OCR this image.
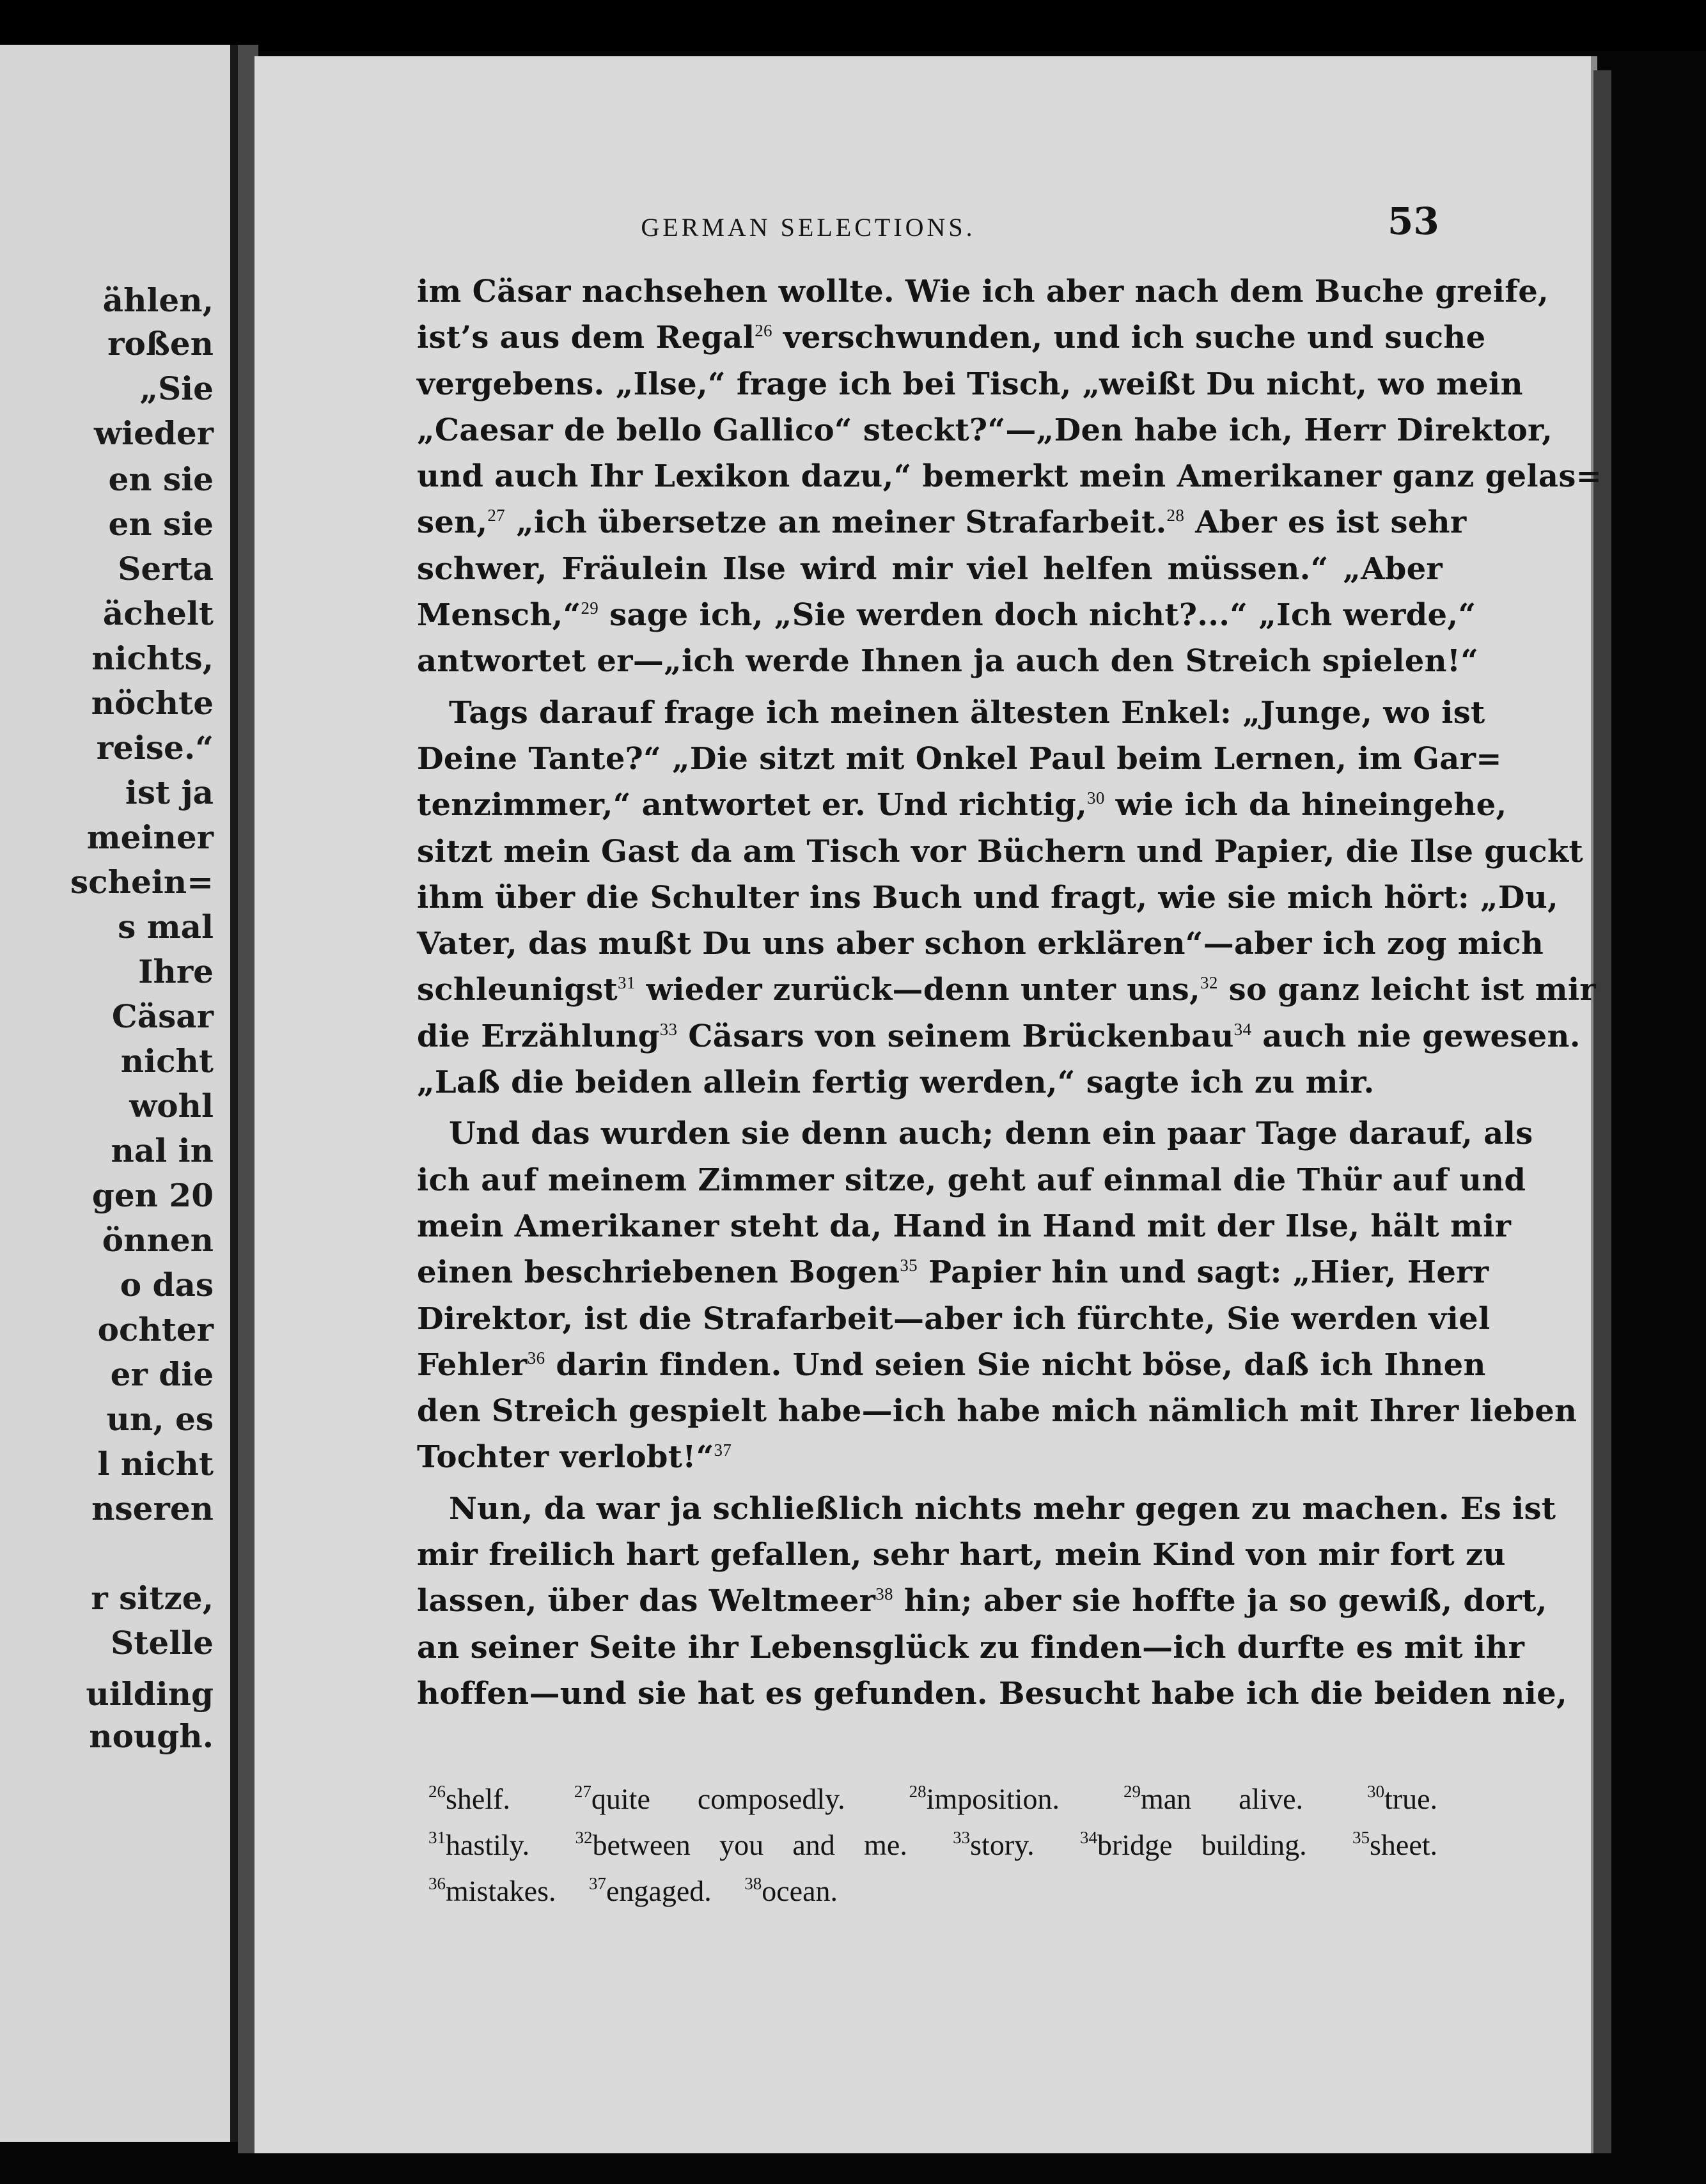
ählen,
roßen
„Sie
wieder
en sie
en sie
Serta
ächelt
nichts,
nöchte
reise.“
ist ja
meiner
schein=
s mal
Ihre
Cäsar
nicht
wohl
nal in
gen 20
önnen
o das
ochter
er die
un, es
l nicht
nseren
r sitze,
Stelle
uilding
nough.
GERMAN SELECTIONS.	53
im Cäsar nachsehen wollte. Wie ich aber nach dem Buche greife,
ist’s aus dem Regal$^{26}$ verschwunden, und ich suche und suche
vergebens. „Ilse,“ frage ich bei Tisch, „weißt Du nicht, wo mein
„Caesar de bello Gallico“ steckt?“—„Den habe ich, Herr Direktor,
und auch Ihr Lexikon dazu,“ bemerkt mein Amerikaner ganz gelas=
sen,$^{27}$ „ich übersetze an meiner Strafarbeit.$^{28}$ Aber es ist sehr
schwer, Fräulein Ilse wird mir viel helfen müssen.“ „Aber
Mensch,“$^{29}$ sage ich, „Sie werden doch nicht?...“ „Ich werde,“
antwortet er—„ich werde Ihnen ja auch den Streich spielen!“
Tags darauf frage ich meinen ältesten Enkel: „Junge, wo ist
Deine Tante?“ „Die sitzt mit Onkel Paul beim Lernen, im Gar=
tenzimmer,“ antwortet er. Und richtig,$^{30}$ wie ich da hineingehe,
sitzt mein Gast da am Tisch vor Büchern und Papier, die Ilse guckt
ihm über die Schulter ins Buch und fragt, wie sie mich hört: „Du,
Vater, das mußt Du uns aber schon erklären“—aber ich zog mich
schleunigst$^{31}$ wieder zurück—denn unter uns,$^{32}$ so ganz leicht ist mir
die Erzählung$^{33}$ Cäsars von seinem Brückenbau$^{34}$ auch nie gewesen.
„Laß die beiden allein fertig werden,“ sagte ich zu mir.
Und das wurden sie denn auch; denn ein paar Tage darauf, als
ich auf meinem Zimmer sitze, geht auf einmal die Thür auf und
mein Amerikaner steht da, Hand in Hand mit der Ilse, hält mir
einen beschriebenen Bogen$^{35}$ Papier hin und sagt: „Hier, Herr
Direktor, ist die Strafarbeit—aber ich fürchte, Sie werden viel
Fehler$^{36}$ darin finden. Und seien Sie nicht böse, daß ich Ihnen
den Streich gespielt habe—ich habe mich nämlich mit Ihrer lieben
Tochter verlobt!“$^{37}$
Nun, da war ja schließlich nichts mehr gegen zu machen. Es ist
mir freilich hart gefallen, sehr hart, mein Kind von mir fort zu
lassen, über das Weltmeer$^{38}$ hin; aber sie hoffte ja so gewiß, dort,
an seiner Seite ihr Lebensglück zu finden—ich durfte es mit ihr
hoffen—und sie hat es gefunden. Besucht habe ich die beiden nie,
$^{26}$shelf.	$^{27}$quite composedly.	$^{28}$imposition.	$^{29}$man alive.	$^{30}$true.
$^{31}$hastily.	$^{32}$between you and me.	$^{33}$story.	$^{34}$bridge building.	$^{35}$sheet.
$^{36}$mistakes. $^{37}$engaged. $^{38}$ocean.
